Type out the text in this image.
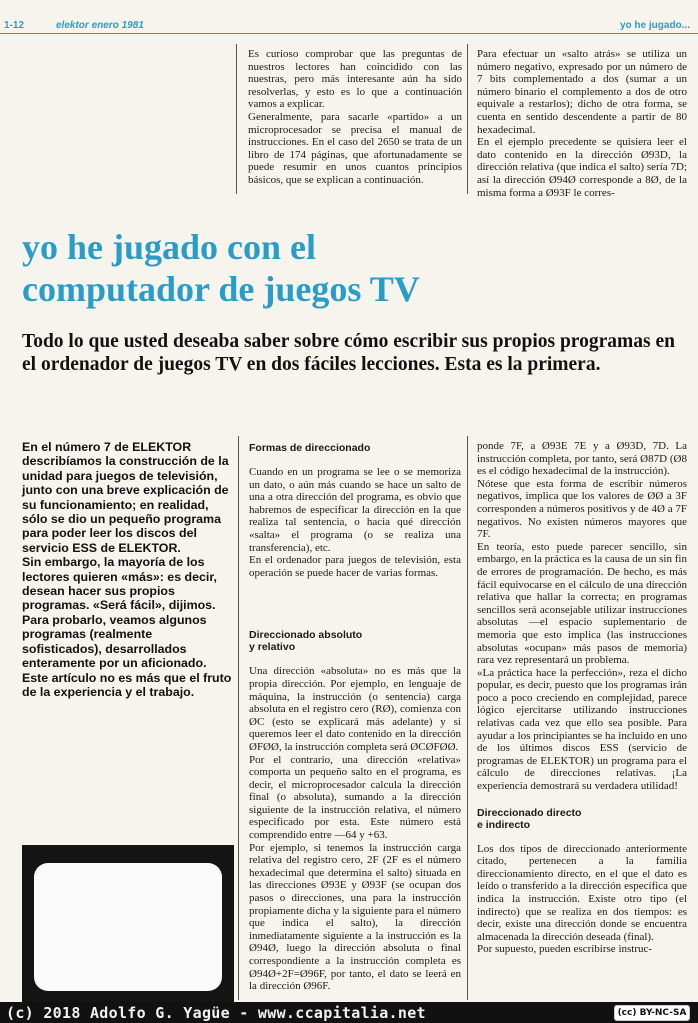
1-12	elektor enero 1981	yo he jugado...

Es curioso comprobar que las preguntas de nuestros lectores han coincidido con las nuestras, pero más interesante aún ha sido resolverlas, y esto es lo que a continuación vamos a explicar.

Generalmente, para sacarle «partido» a un microprocesador se precisa el manual de instrucciones. En el caso del 2650 se trata de un libro de 174 páginas, que afortunadamente se puede resumir en unos cuantos principios básicos, que se explican a continuación.

Para efectuar un «salto atrás» se utiliza un número negativo, expresado por un número de 7 bits complementado a dos (sumar a un número binario el complemento a dos de otro equivale a restarlos); dicho de otra forma, se cuenta en sentido descendente a partir de 80 hexadecimal.

En el ejemplo precedente se quisiera leer el dato contenido en la dirección Ø93D, la dirección relativa (que indica el salto) sería 7D; así la dirección Ø94Ø corresponde a 8Ø, de la misma forma a Ø93F le corres-

yo he jugado con el
computador de juegos TV
Todo lo que usted deseaba saber sobre cómo escribir sus propios programas en el ordenador de juegos TV en dos fáciles lecciones. Esta es la primera.

En el número 7 de ELEKTOR describíamos la construcción de la unidad para juegos de televisión, junto con una breve explicación de su funcionamiento; en realidad, sólo se dio un pequeño programa para poder leer los discos del servicio ESS de ELEKTOR.

Sin embargo, la mayoría de los lectores quieren «más»: es decir, desean hacer sus propios programas. «Será fácil», dijimos. Para probarlo, veamos algunos programas (realmente sofisticados), desarrollados enteramente por un aficionado. Este artículo no es más que el fruto de la experiencia y el trabajo.

Formas de direccionado

Cuando en un programa se lee o se memoriza un dato, o aún más cuando se hace un salto de una a otra dirección del programa, es obvio que habremos de especificar la dirección en la que realiza tal sentencia, o hacia qué dirección «salta» el programa (o se realiza una transferencia), etc.

En el ordenador para juegos de televisión, esta operación se puede hacer de varias formas.

Direccionado absoluto

y relativo

Una dirección «absoluta» no es más que la propia dirección. Por ejemplo, en lenguaje de máquina, la instrucción (o sentencia) carga absoluta en el registro cero (RØ), comienza con ØC (esto se explicará más adelante) y si queremos leer el dato contenido en la dirección ØFØØ, la instrucción completa será ØCØFØØ.

Por el contrario, una dirección «relativa» comporta un pequeño salto en el programa, es decir, el microprocesador calcula la dirección final (o absoluta), sumando a la dirección siguiente de la instrucción relativa, el número especificado por esta. Este número está comprendido entre —64 y +63.

Por ejemplo, si tenemos la instrucción carga relativa del registro cero, 2F (2F es el número hexadecimal que determina el salto) situada en las direcciones Ø93E y Ø93F (se ocupan dos pasos o direcciones, una para la instrucción propiamente dicha y la siguiente para el número que indica el salto), la dirección inmediatamente siguiente a la instrucción es la Ø94Ø, luego la dirección absoluta o final correspondiente a la instrucción completa es Ø94Ø+2F=Ø96F, por tanto, el dato se leerá en la dirección Ø96F.

ponde 7F, a Ø93E 7E y a Ø93D, 7D. La instrucción completa, por tanto, será Ø87D (Ø8 es el código hexadecimal de la instrucción).

Nótese que esta forma de escribir números negativos, implica que los valores de ØØ a 3F corresponden a números positivos y de 4Ø a 7F negativos. No existen números mayores que 7F.

En teoría, esto puede parecer sencillo, sin embargo, en la práctica es la causa de un sin fin de errores de programación. De hecho, es más fácil equivocarse en el cálculo de una dirección relativa que hallar la correcta; en programas sencillos será aconsejable utilizar instrucciones absolutas —el espacio suplementario de memoria que esto implica (las instrucciones absolutas «ocupan» más pasos de memoria) rara vez representará un problema.

«La práctica hace la perfección», reza el dicho popular, es decir, puesto que los programas irán poco a poco creciendo en complejidad, parece lógico ejercitarse utilizando instrucciones relativas cada vez que ello sea posible. Para ayudar a los principiantes se ha incluido en uno de los últimos discos ESS (servicio de programas de ELEKTOR) un programa para el cálculo de direcciones relativas. ¡La experiencia demostrará su verdadera utilidad!

Direccionado directo

e indirecto

Los dos tipos de direccionado anteriormente citado, pertenecen a la familia direccionamiento directo, en el que el dato es leído o transferido a la dirección específica que indica la instrucción. Existe otro tipo (el indirecto) que se realiza en dos tiempos: es decir, existe una dirección donde se encuentra almacenada la dirección deseada (final).

Por supuesto, pueden escribirse instruc-

(c) 2018 Adolfo G. Yagüe - www.ccapitalia.net	(cc) BY-NC-SA
